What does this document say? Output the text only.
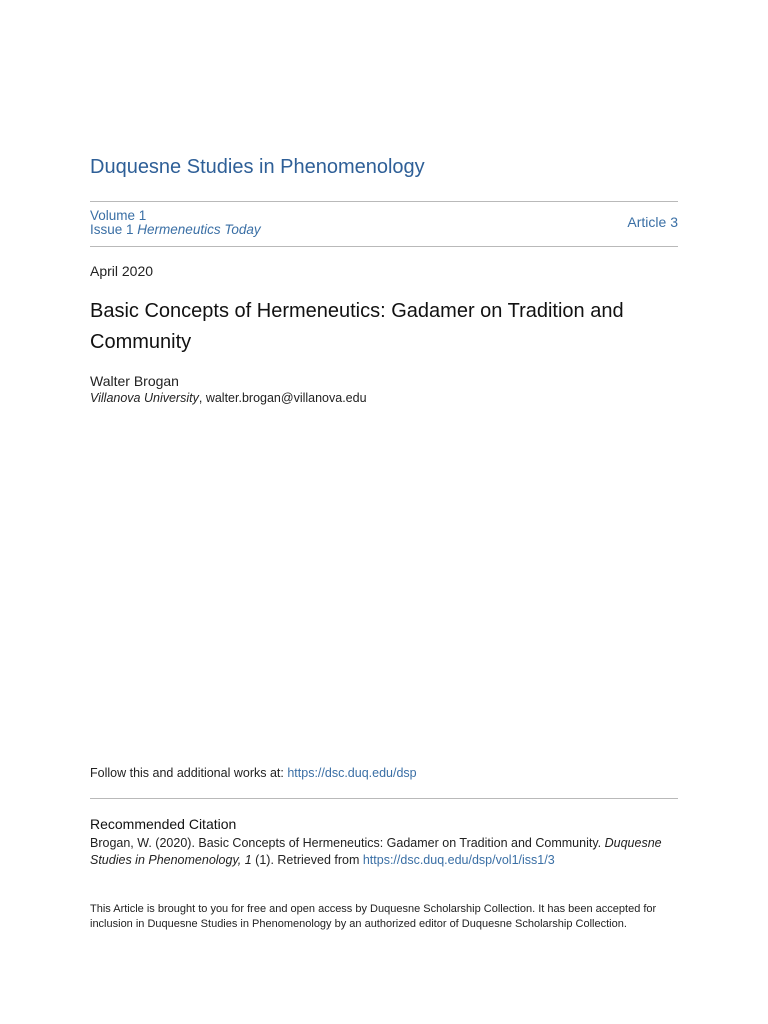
Duquesne Studies in Phenomenology
Volume 1
Issue 1 Hermeneutics Today	Article 3
April 2020
Basic Concepts of Hermeneutics: Gadamer on Tradition and Community
Walter Brogan
Villanova University, walter.brogan@villanova.edu
Follow this and additional works at: https://dsc.duq.edu/dsp
Recommended Citation
Brogan, W. (2020). Basic Concepts of Hermeneutics: Gadamer on Tradition and Community. Duquesne Studies in Phenomenology, 1 (1). Retrieved from https://dsc.duq.edu/dsp/vol1/iss1/3
This Article is brought to you for free and open access by Duquesne Scholarship Collection. It has been accepted for inclusion in Duquesne Studies in Phenomenology by an authorized editor of Duquesne Scholarship Collection.
